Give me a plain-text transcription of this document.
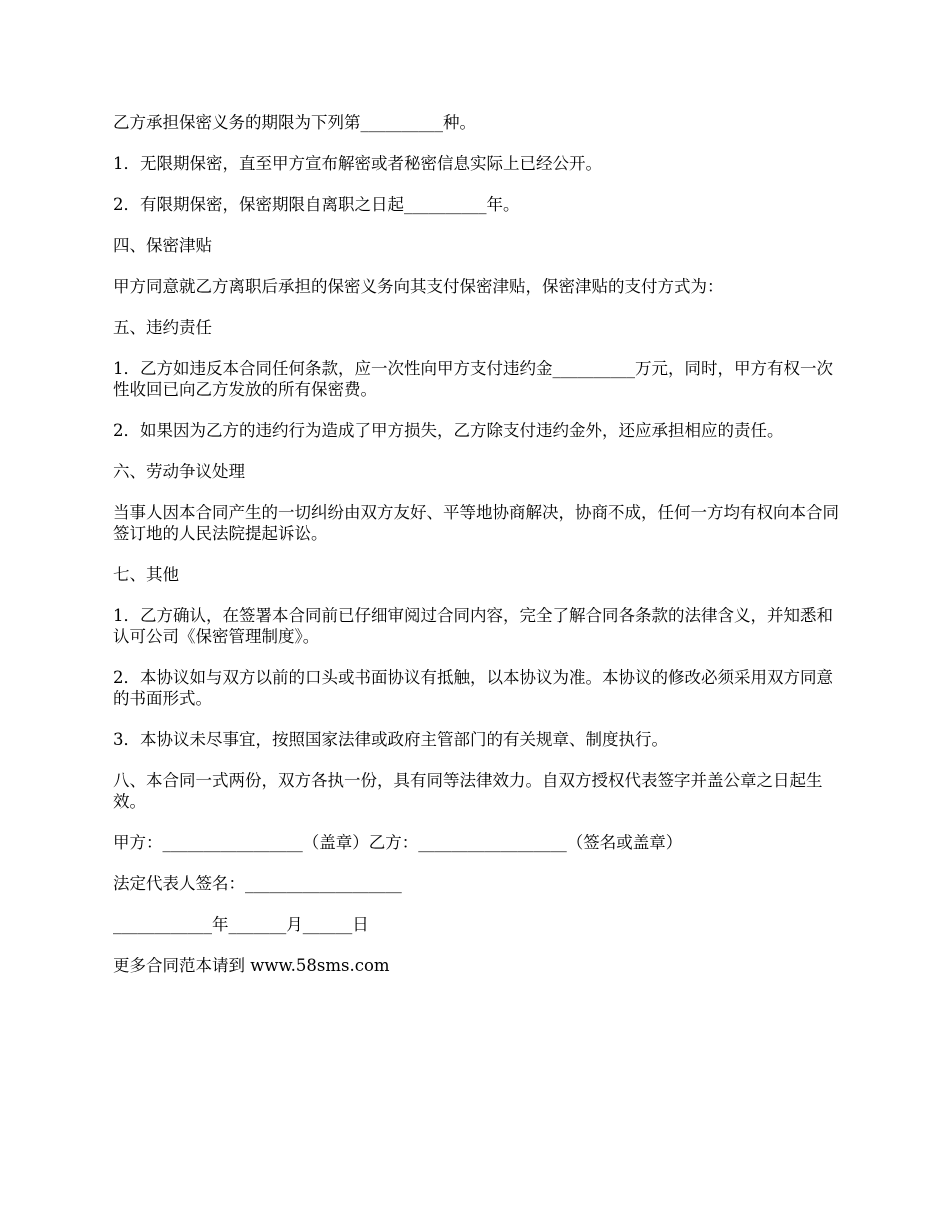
乙方承担保密义务的期限为下列第__________种。

1．无限期保密，直至甲方宣布解密或者秘密信息实际上已经公开。

2．有限期保密，保密期限自离职之日起__________年。

四、保密津贴

甲方同意就乙方离职后承担的保密义务向其支付保密津贴，保密津贴的支付方式为：

五、违约责任

1．乙方如违反本合同任何条款，应一次性向甲方支付违约金__________万元，同时，甲方有权一次性收回已向乙方发放的所有保密费。

2．如果因为乙方的违约行为造成了甲方损失，乙方除支付违约金外，还应承担相应的责任。

六、劳动争议处理

当事人因本合同产生的一切纠纷由双方友好、平等地协商解决，协商不成，任何一方均有权向本合同签订地的人民法院提起诉讼。

七、其他

1．乙方确认，在签署本合同前已仔细审阅过合同内容，完全了解合同各条款的法律含义，并知悉和认可公司《保密管理制度》。

2．本协议如与双方以前的口头或书面协议有抵触，以本协议为准。本协议的修改必须采用双方同意的书面形式。

3．本协议未尽事宜，按照国家法律或政府主管部门的有关规章、制度执行。

八、本合同一式两份，双方各执一份，具有同等法律效力。自双方授权代表签字并盖公章之日起生效。

甲方：_________________（盖章）乙方：__________________（签名或盖章）

法定代表人签名：___________________

____________年_______月______日

更多合同范本请到 www.58sms.com
